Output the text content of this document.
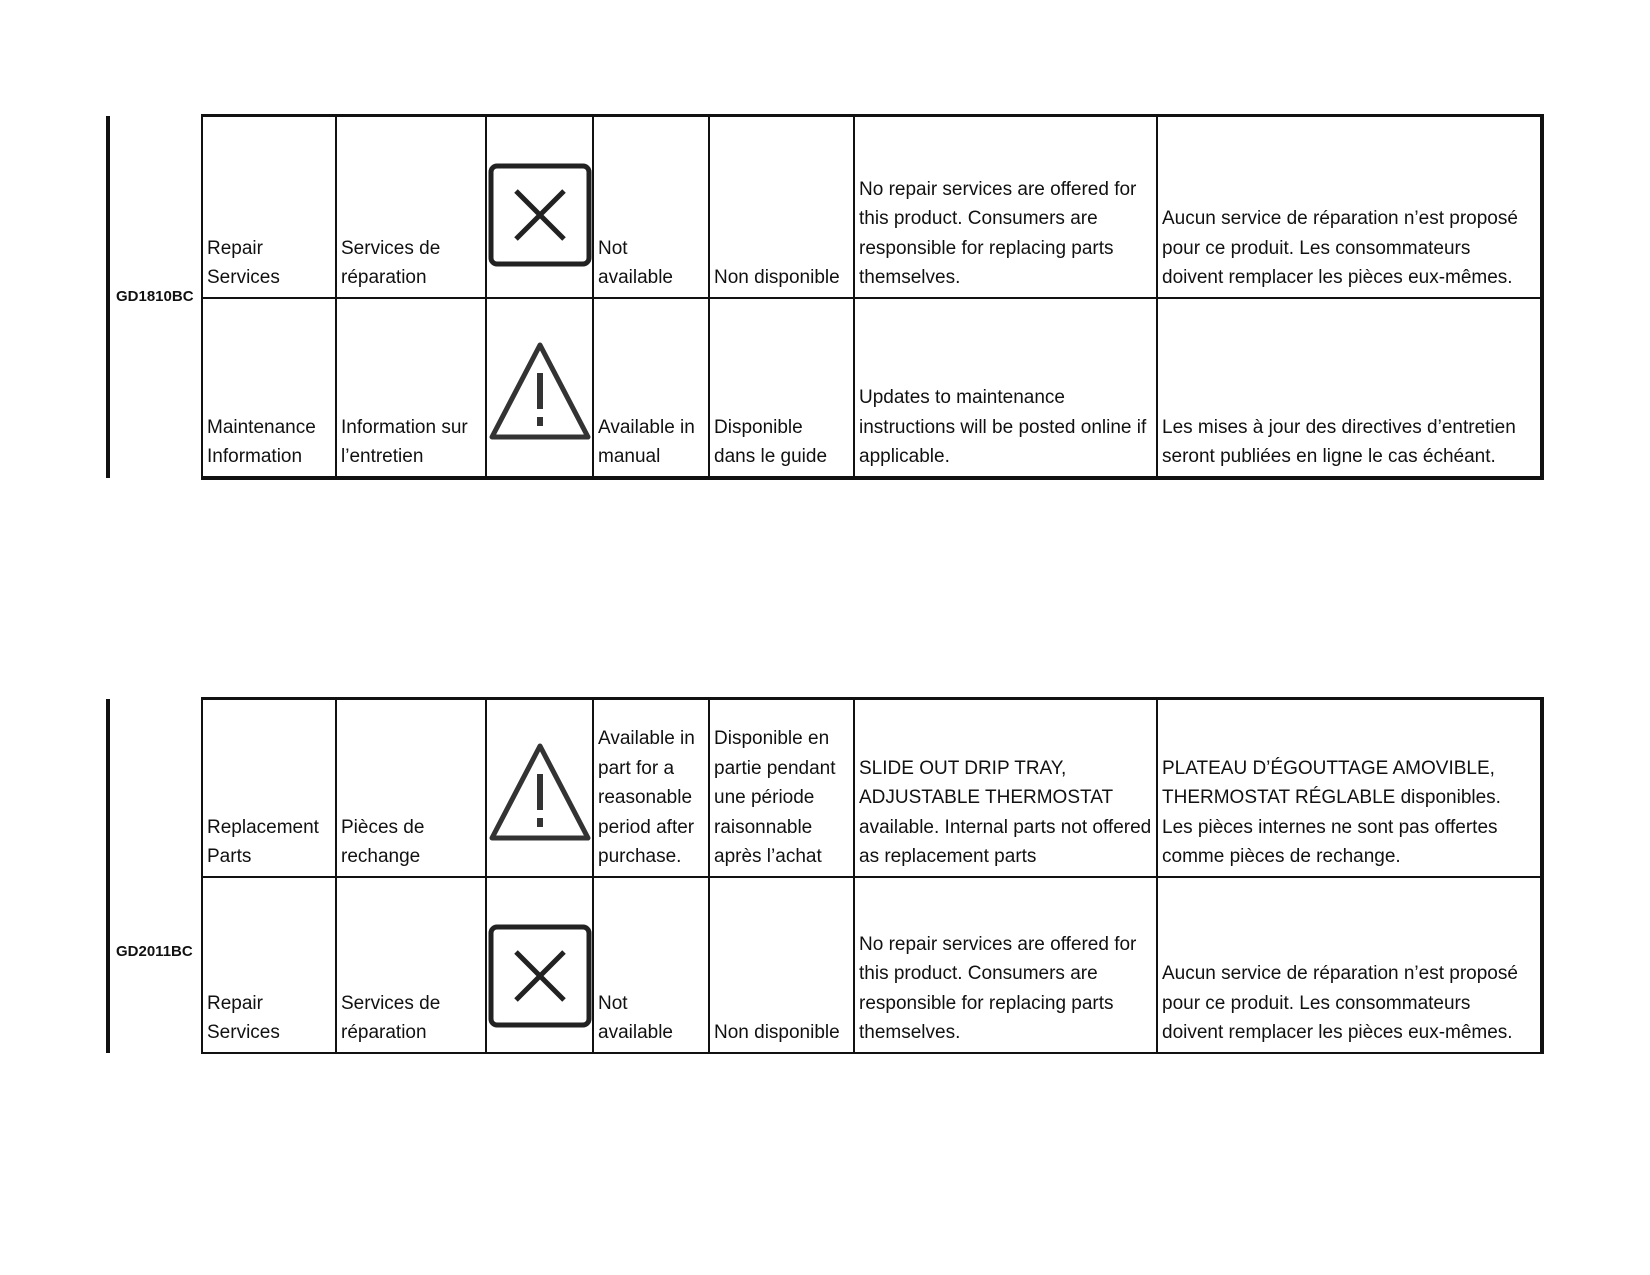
GD1810BC	Repair Services	Services de réparation		Not available	Non disponible	No repair services are offered for this product. Consumers are responsible for replacing parts themselves.	Aucun service de réparation n’est proposé pour ce produit. Les consommateurs doivent remplacer les pièces eux-mêmes.
	Maintenance Information	Information sur l’entretien		Available in manual	Disponible dans le guide	Updates to maintenance instructions will be posted online if applicable.	Les mises à jour des directives d’entretien seront publiées en ligne le cas échéant.
GD2011BC	Replacement Parts	Pièces de rechange		Available in part for a reasonable period after purchase.	Disponible en partie pendant une période raisonnable après l’achat	SLIDE OUT DRIP TRAY, ADJUSTABLE THERMOSTAT available. Internal parts not offered as replacement parts	PLATEAU D’ÉGOUTTAGE AMOVIBLE, THERMOSTAT RÉGLABLE disponibles. Les pièces internes ne sont pas offertes comme pièces de rechange.
	Repair Services	Services de réparation		Not available	Non disponible	No repair services are offered for this product. Consumers are responsible for replacing parts themselves.	Aucun service de réparation n’est proposé pour ce produit. Les consommateurs doivent remplacer les pièces eux-mêmes.
